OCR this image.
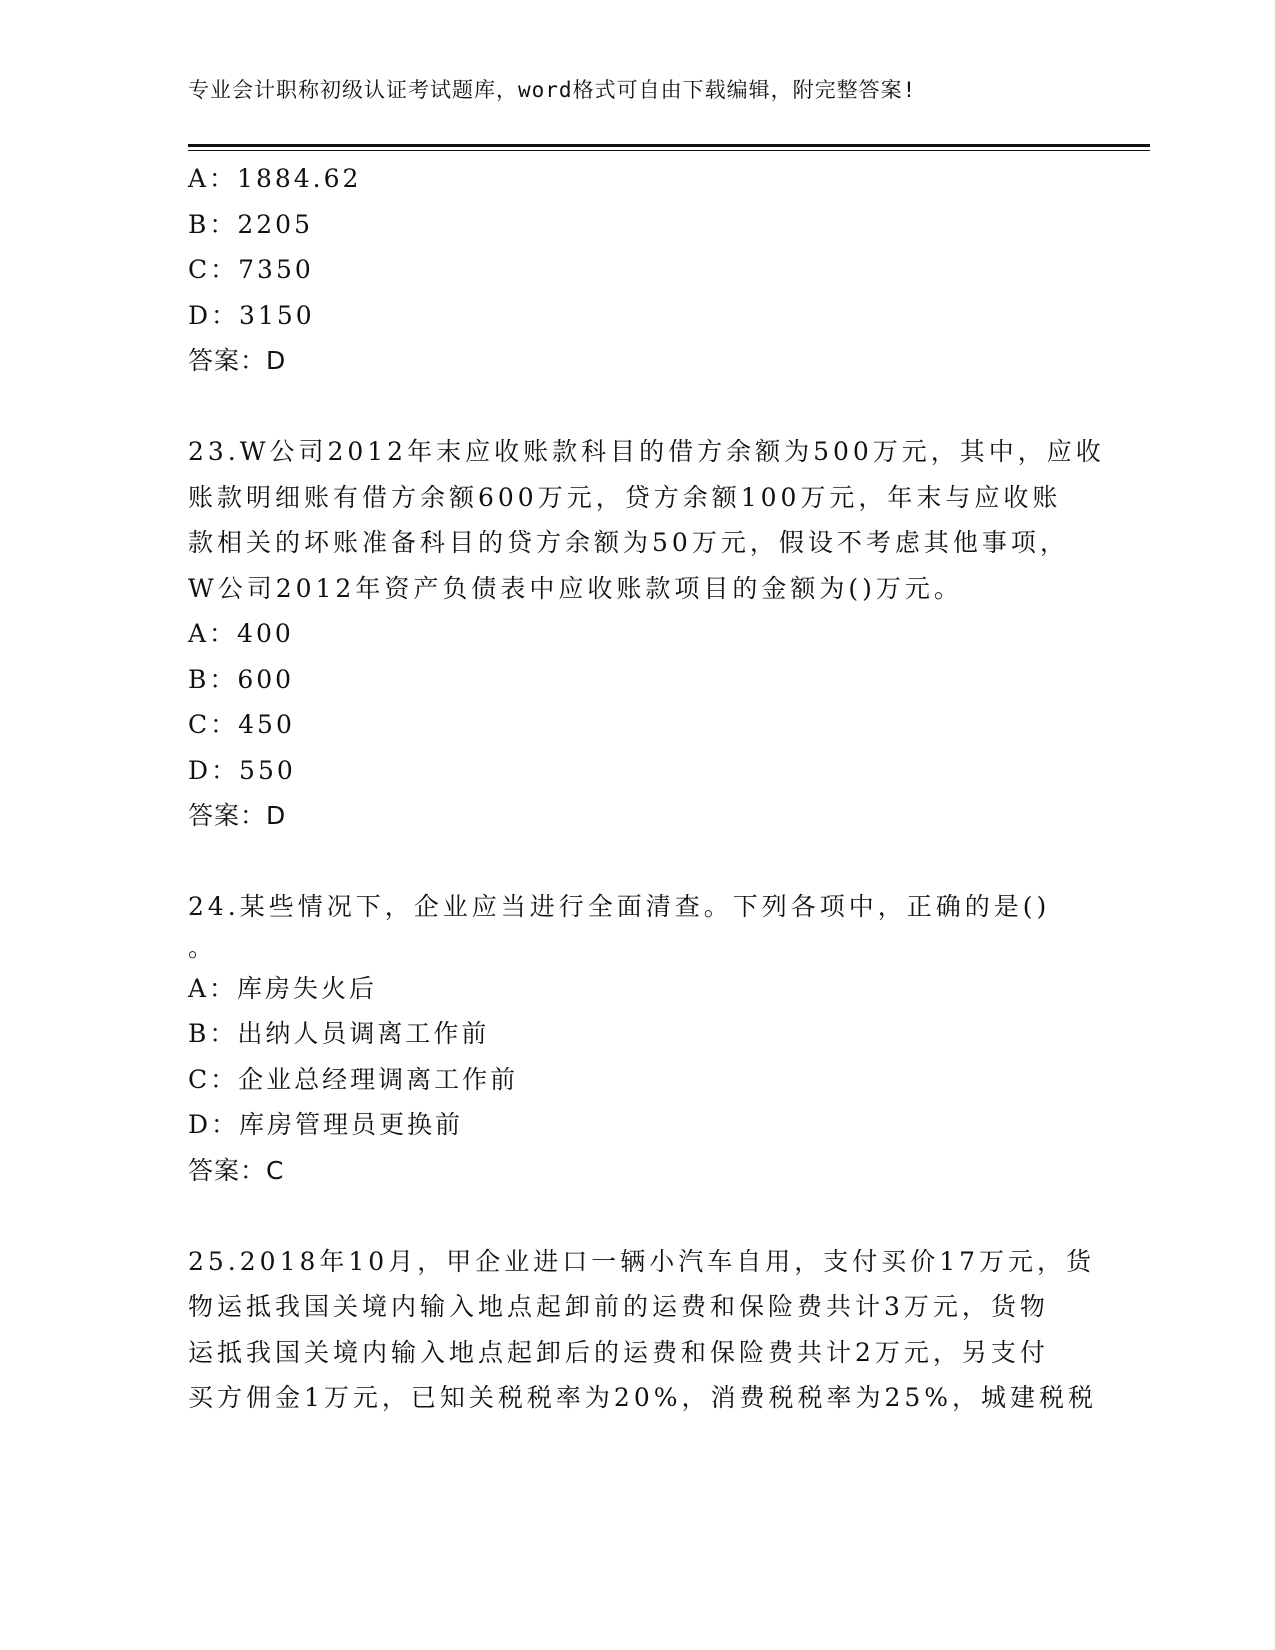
专业会计职称初级认证考试题库，word格式可自由下载编辑，附完整答案!
A：1884.62
B：2205
C：7350
D：3150
答案：D
23.W公司2012年末应收账款科目的借方余额为500万元，其中，应收
账款明细账有借方余额600万元，贷方余额100万元，年末与应收账
款相关的坏账准备科目的贷方余额为50万元，假设不考虑其他事项，
W公司2012年资产负债表中应收账款项目的金额为()万元。
A：400
B：600
C：450
D：550
答案：D
24.某些情况下，企业应当进行全面清查。下列各项中，正确的是()
。
A：库房失火后
B：出纳人员调离工作前
C：企业总经理调离工作前
D：库房管理员更换前
答案：C
25.2018年10月，甲企业进口一辆小汽车自用，支付买价17万元，货
物运抵我国关境内输入地点起卸前的运费和保险费共计3万元，货物
运抵我国关境内输入地点起卸后的运费和保险费共计2万元，另支付
买方佣金1万元，已知关税税率为20%，消费税税率为25%，城建税税
